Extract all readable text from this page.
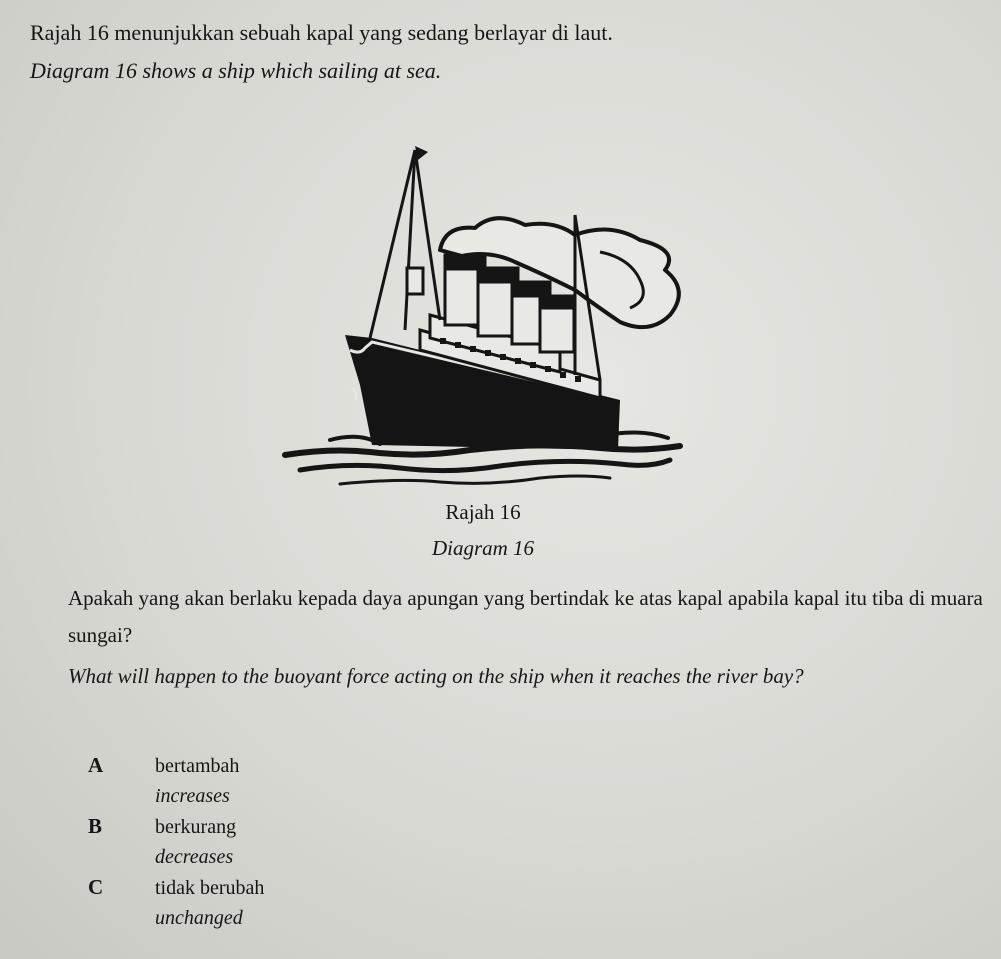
Rajah 16 menunjukkan sebuah kapal yang sedang berlayar di laut.
Diagram 16 shows a ship which sailing at sea.
Rajah 16
Diagram 16
Apakah yang akan berlaku kepada daya apungan yang bertindak ke atas kapal apabila kapal itu tiba di muara sungai?
What will happen to the buoyant force acting on the ship when it reaches the river bay?
A	bertambah
increases
B	berkurang
decreases
C	tidak berubah
unchanged
